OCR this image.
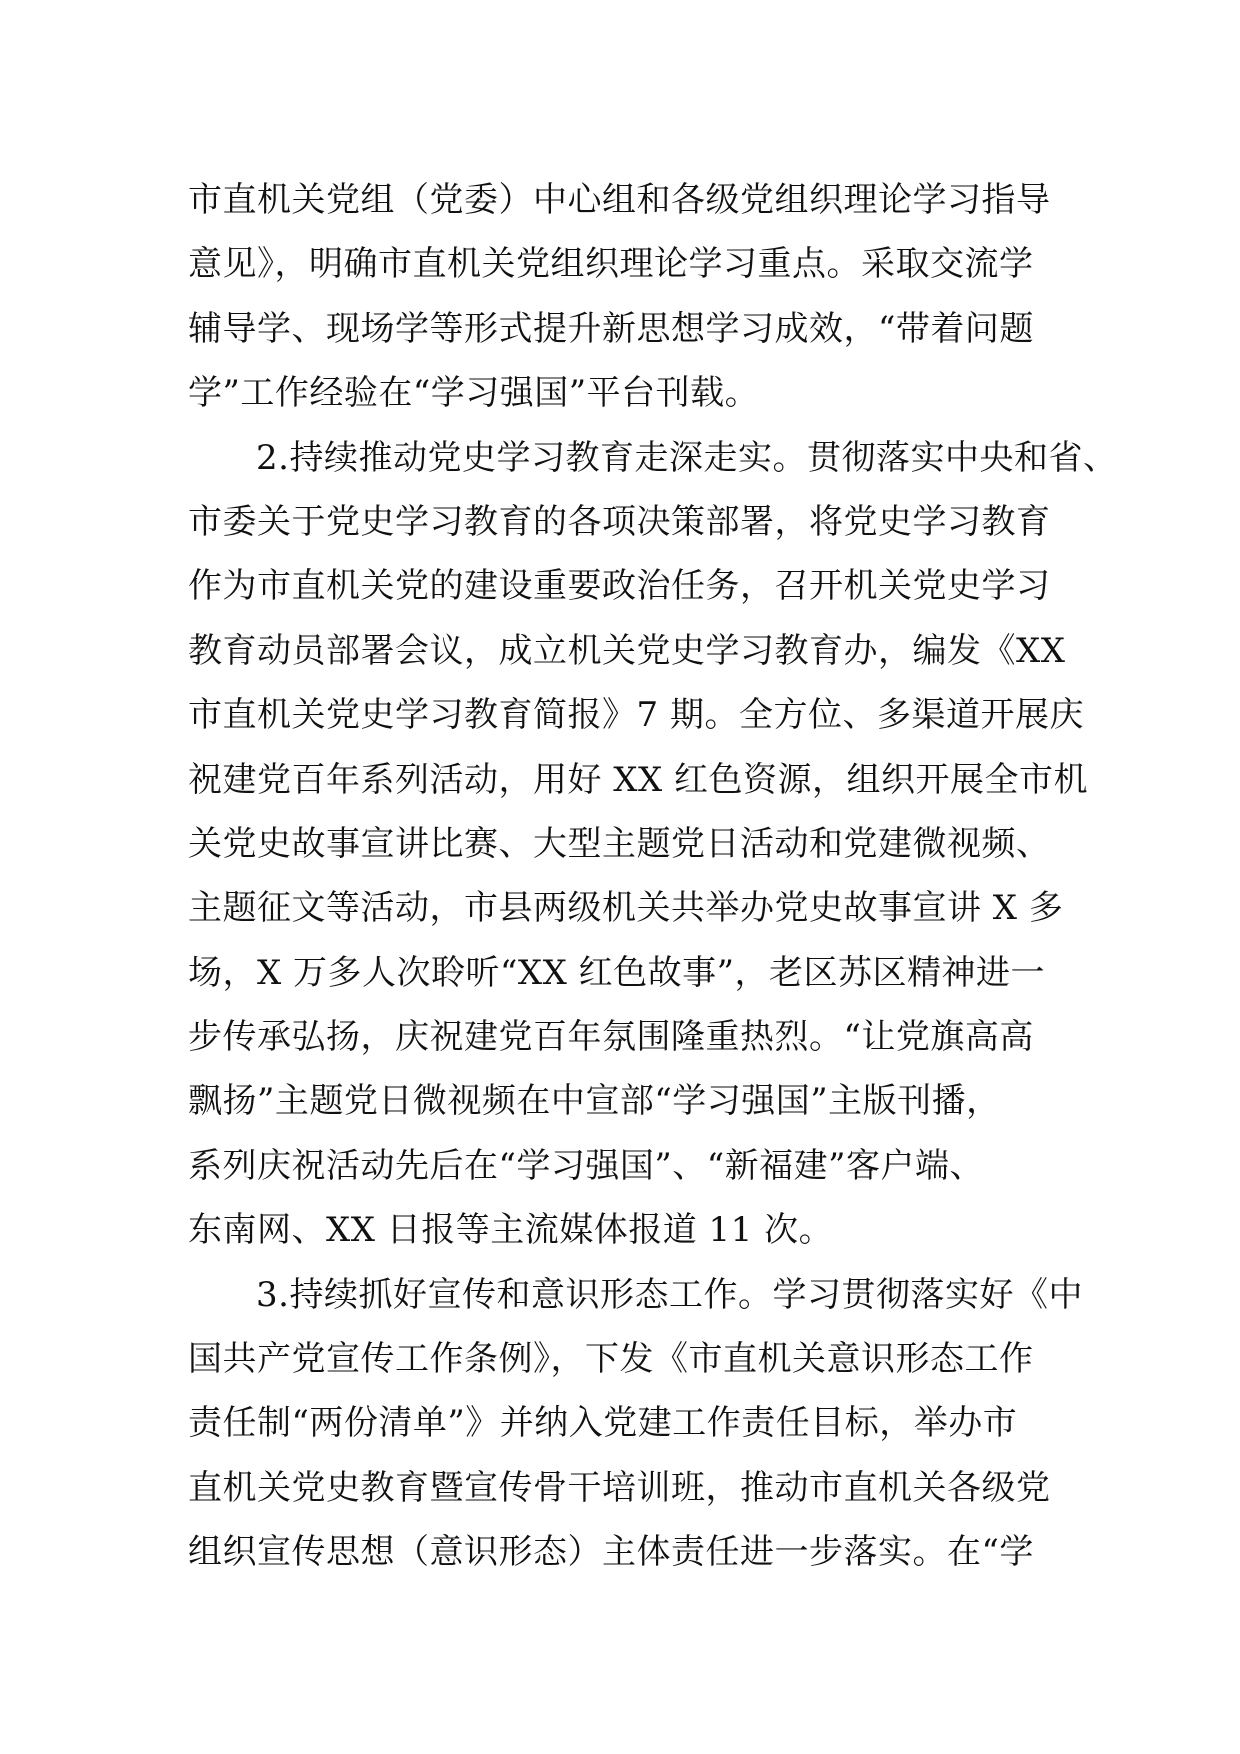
市直机关党组（党委）中心组和各级党组织理论学习指导
意见》，明确市直机关党组织理论学习重点。采取交流学
辅导学、现场学等形式提升新思想学习成效，“带着问题
学”工作经验在“学习强国”平台刊载。
2.持续推动党史学习教育走深走实。贯彻落实中央和省、
市委关于党史学习教育的各项决策部署，将党史学习教育
作为市直机关党的建设重要政治任务，召开机关党史学习
教育动员部署会议，成立机关党史学习教育办，编发《XX
市直机关党史学习教育简报》7 期。全方位、多渠道开展庆
祝建党百年系列活动，用好 XX 红色资源，组织开展全市机
关党史故事宣讲比赛、大型主题党日活动和党建微视频、
主题征文等活动，市县两级机关共举办党史故事宣讲 X 多
场，X 万多人次聆听“XX 红色故事”，老区苏区精神进一
步传承弘扬，庆祝建党百年氛围隆重热烈。“让党旗高高
飘扬”主题党日微视频在中宣部“学习强国”主版刊播，
系列庆祝活动先后在“学习强国”、“新福建”客户端、
东南网、XX 日报等主流媒体报道 11 次。
3.持续抓好宣传和意识形态工作。学习贯彻落实好《中
国共产党宣传工作条例》，下发《市直机关意识形态工作
责任制“两份清单”》并纳入党建工作责任目标，举办市
直机关党史教育暨宣传骨干培训班，推动市直机关各级党
组织宣传思想（意识形态）主体责任进一步落实。在“学
